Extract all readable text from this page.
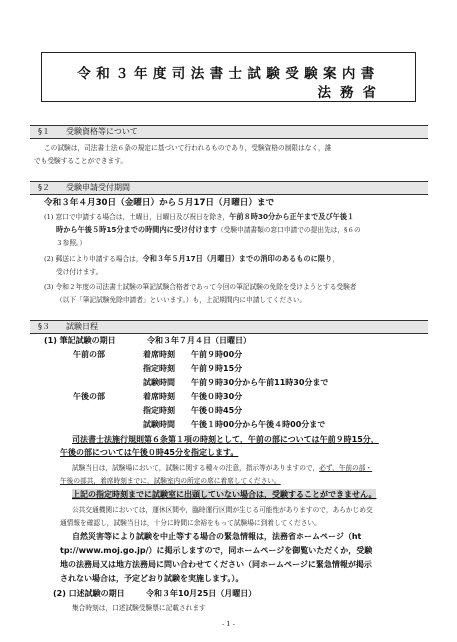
令和３年度司法書士試験受験案内書
法務省
§１ 受験資格等について
この試験は，司法書士法６条の規定に基づいて行われるものであり，受験資格の制限はなく，誰
でも受験することができます。
§２ 受験申請受付期間
令和３年４月30日（金曜日）から５月17日（月曜日）まで
(1) 窓口で申請する場合は，土曜日，日曜日及び祝日を除き，午前８時30分から正午まで及び午後１
時から午後５時15分までの時間内に受け付けます（受験申請書類の窓口申請での提出先は，§６の
３参照。）
(2) 郵送により申請する場合は，令和３年５月17日（月曜日）までの消印のあるものに限り，
受け付けます。
(3) 令和２年度の司法書士試験の筆記試験合格者であって今回の筆記試験の免除を受けようとする受験者
（以下「筆記試験免除申請者」といいます。）も，上記期間内に申請してください。
§３ 試験日程
(1) 筆記試験の期日	令和３年７月４日（日曜日）
午前の部	着席時刻 午前９時00分
指定時刻 午前９時15分
試験時間 午前９時30分から午前11時30分まで
午後の部	着席時刻 午後０時30分
指定時刻 午後０時45分
試験時間 午後１時00分から午後４時00分まで
司法書士法施行規則第６条第１項の時刻として，午前の部については午前９時15分，
午後の部については午後０時45分を指定します。
試験当日は，試験場において，試験に関する種々の注意，指示等がありますので，必ず，午前の部・
午後の部共，着席時刻までに，試験室内の所定の席に着席してください。
上記の指定時刻までに試験室に出頭していない場合は，受験することができません。
公共交通機関においては，運休区間や，臨時運行区間が生じる可能性がありますので，あらかじめ交
通情報を確認し，試験当日は，十分に時間に余裕をもって試験場に到着してください。
自然災害等により試験を中止等する場合の緊急情報は，法務省ホームページ（ht
tp://www.moj.go.jp/）に掲示しますので，同ホームページを御覧いただくか，受験
地の法務局又は地方法務局に問い合わせてください（同ホームページに緊急情報が掲示
されない場合は，予定どおり試験を実施します。）。
(2) 口述試験の期日	令和３年10月25日（月曜日）
集合時刻は，口述試験受験票に記載されます
- 1 -
